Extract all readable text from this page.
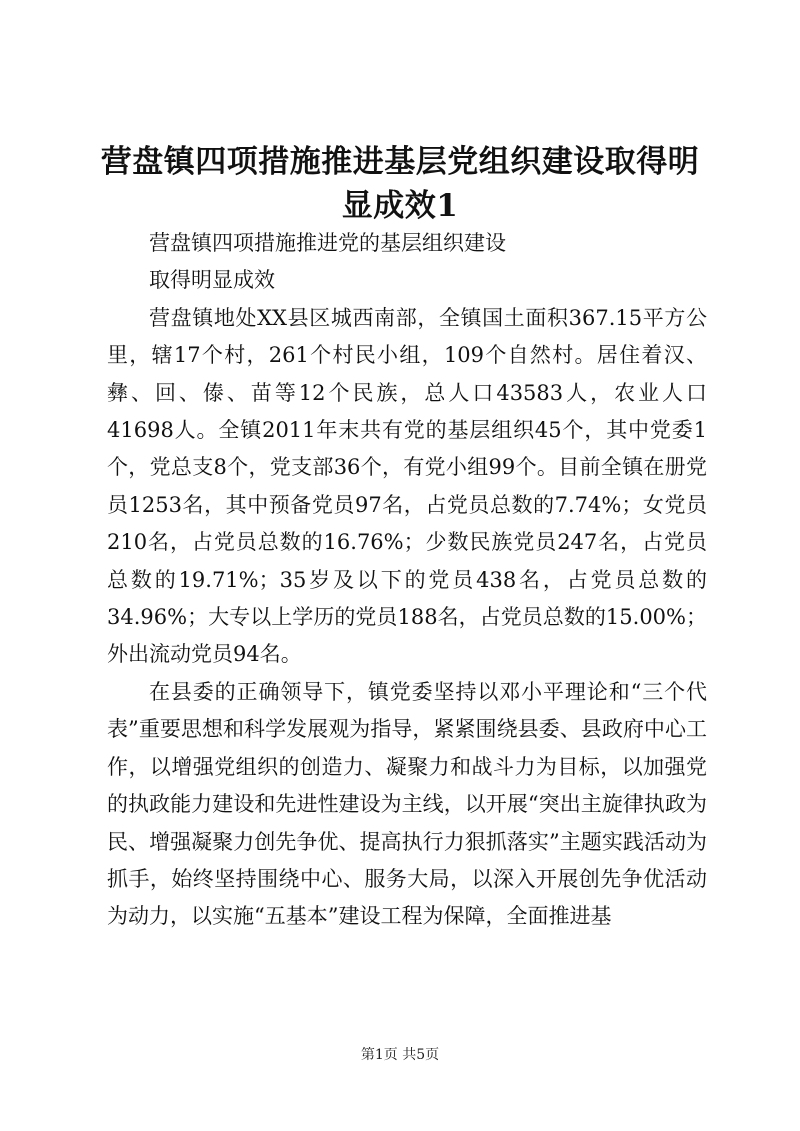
营盘镇四项措施推进基层党组织建设取得明显成效1

营盘镇四项措施推进党的基层组织建设

取得明显成效

营盘镇地处XX县区城西南部，全镇国土面积367.15平方公里，辖17个村，261个村民小组，109个自然村。居住着汉、彝、回、傣、苗等12个民族，总人口43583人，农业人口41698人。全镇2011年末共有党的基层组织45个，其中党委1个，党总支8个，党支部36个，有党小组99个。目前全镇在册党员1253名，其中预备党员97名，占党员总数的7.74%；女党员210名，占党员总数的16.76%；少数民族党员247名，占党员总数的19.71%；35岁及以下的党员438名，占党员总数的34.96%；大专以上学历的党员188名，占党员总数的15.00%；外出流动党员94名。

在县委的正确领导下，镇党委坚持以邓小平理论和“三个代表”重要思想和科学发展观为指导，紧紧围绕县委、县政府中心工作，以增强党组织的创造力、凝聚力和战斗力为目标，以加强党的执政能力建设和先进性建设为主线，以开展“突出主旋律执政为民、增强凝聚力创先争优、提高执行力狠抓落实”主题实践活动为抓手，始终坚持围绕中心、服务大局，以深入开展创先争优活动为动力，以实施“五基本”建设工程为保障，全面推进基

第1页 共5页
